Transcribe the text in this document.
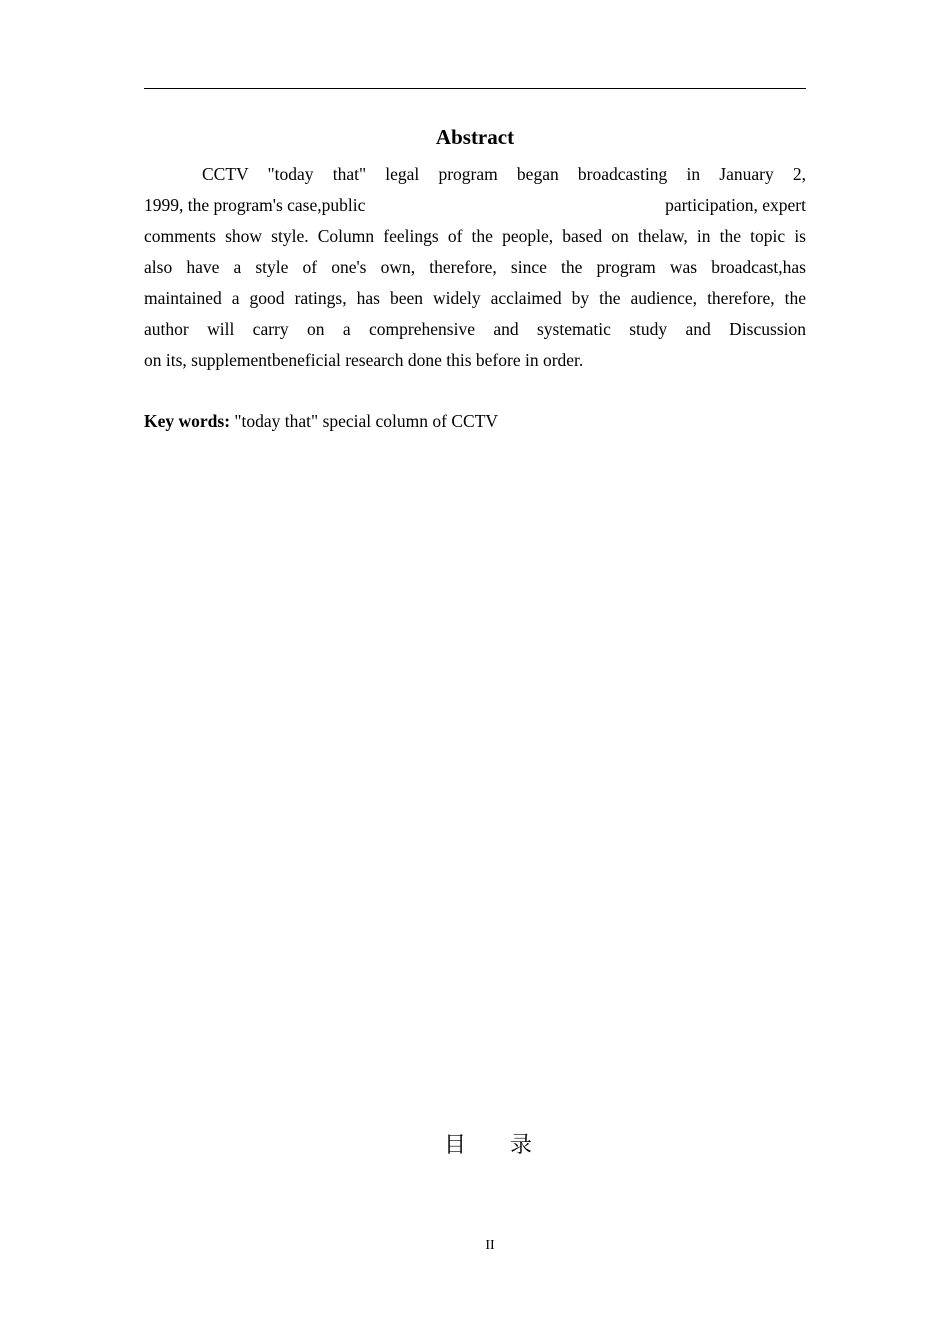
Abstract
CCTV "today that" legal program began broadcasting in January 2,
1999, the program's case,public	participation, expert
comments show style. Column feelings of the people, based on thelaw, in the topic is
also have a style of one's own, therefore, since the program was broadcast,has
maintained a good ratings, has been widely acclaimed by the audience, therefore, the
author will carry on a comprehensive and systematic study and Discussion
on its, supplementbeneficial research done this before in order.
Key words: "today that" special column of CCTV
目录
II
